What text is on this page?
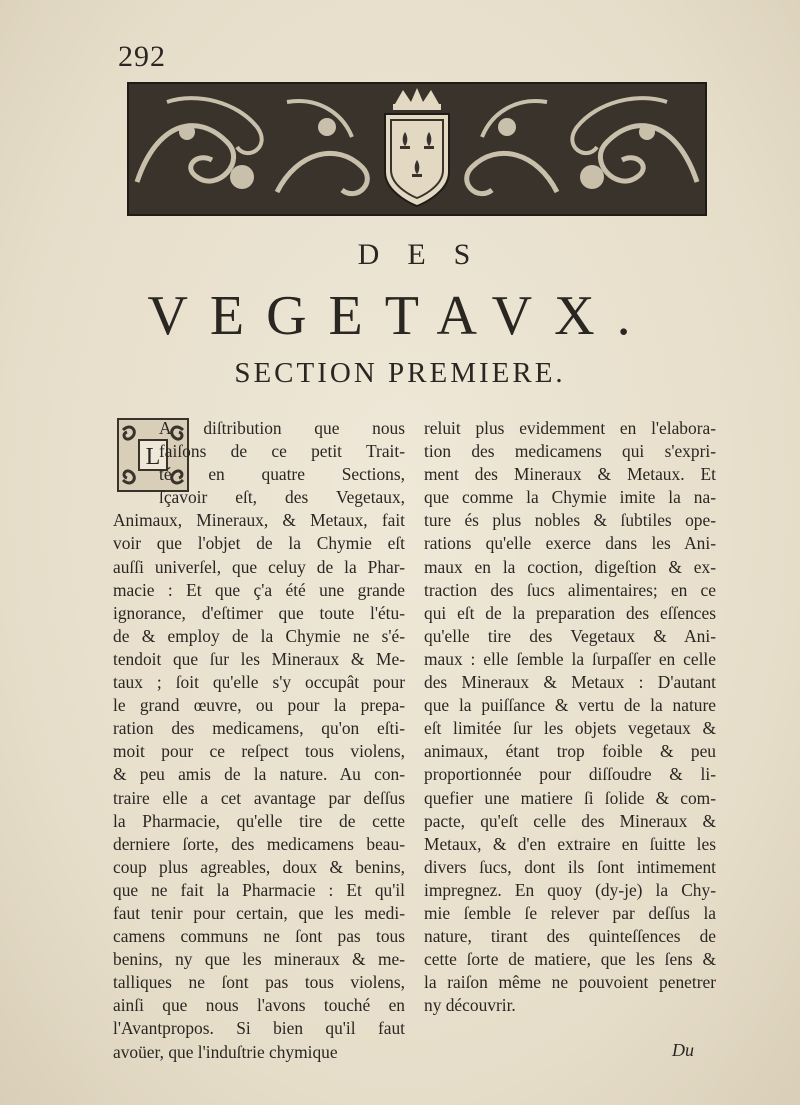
292
DES
VEGETAVX.
SECTION PREMIERE.
L
A diſtribution que nous
faiſons de ce petit Trait-
té en quatre Sections,
ſçavoir eſt, des Vegetaux,
Animaux, Mineraux, & Metaux, fait
voir que l'objet de la Chymie eſt
auſſi univerſel, que celuy de la Phar-
macie : Et que ç'a été une grande
ignorance, d'eſtimer que toute l'étu-
de & employ de la Chymie ne s'é-
tendoit que ſur les Mineraux & Me-
taux ; ſoit qu'elle s'y occupât pour
le grand œuvre, ou pour la prepa-
ration des medicamens, qu'on eſti-
moit pour ce reſpect tous violens,
& peu amis de la nature. Au con-
traire elle a cet avantage par deſſus
la Pharmacie, qu'elle tire de cette
derniere ſorte, des medicamens beau-
coup plus agreables, doux & benins,
que ne fait la Pharmacie : Et qu'il
faut tenir pour certain, que les medi-
camens communs ne ſont pas tous
benins, ny que les mineraux & me-
talliques ne ſont pas tous violens,
ainſi que nous l'avons touché en
l'Avantpropos. Si bien qu'il faut
avoüer, que l'induſtrie chymique
reluit plus evidemment en l'elabora-
tion des medicamens qui s'expri-
ment des Mineraux & Metaux. Et
que comme la Chymie imite la na-
ture és plus nobles & ſubtiles ope-
rations qu'elle exerce dans les Ani-
maux en la coction, digeſtion & ex-
traction des ſucs alimentaires; en ce
qui eſt de la preparation des eſſences
qu'elle tire des Vegetaux & Ani-
maux : elle ſemble la ſurpaſſer en celle
des Mineraux & Metaux : D'autant
que la puiſſance & vertu de la nature
eſt limitée ſur les objets vegetaux &
animaux, étant trop foible & peu
proportionnée pour diſſoudre & li-
quefier une matiere ſi ſolide & com-
pacte, qu'eſt celle des Mineraux &
Metaux, & d'en extraire en ſuitte les
divers ſucs, dont ils ſont intimement
impregnez. En quoy (dy-je) la Chy-
mie ſemble ſe relever par deſſus la
nature, tirant des quinteſſences de
cette ſorte de matiere, que les ſens &
la raiſon même ne pouvoient penetrer
ny découvrir.
Du
